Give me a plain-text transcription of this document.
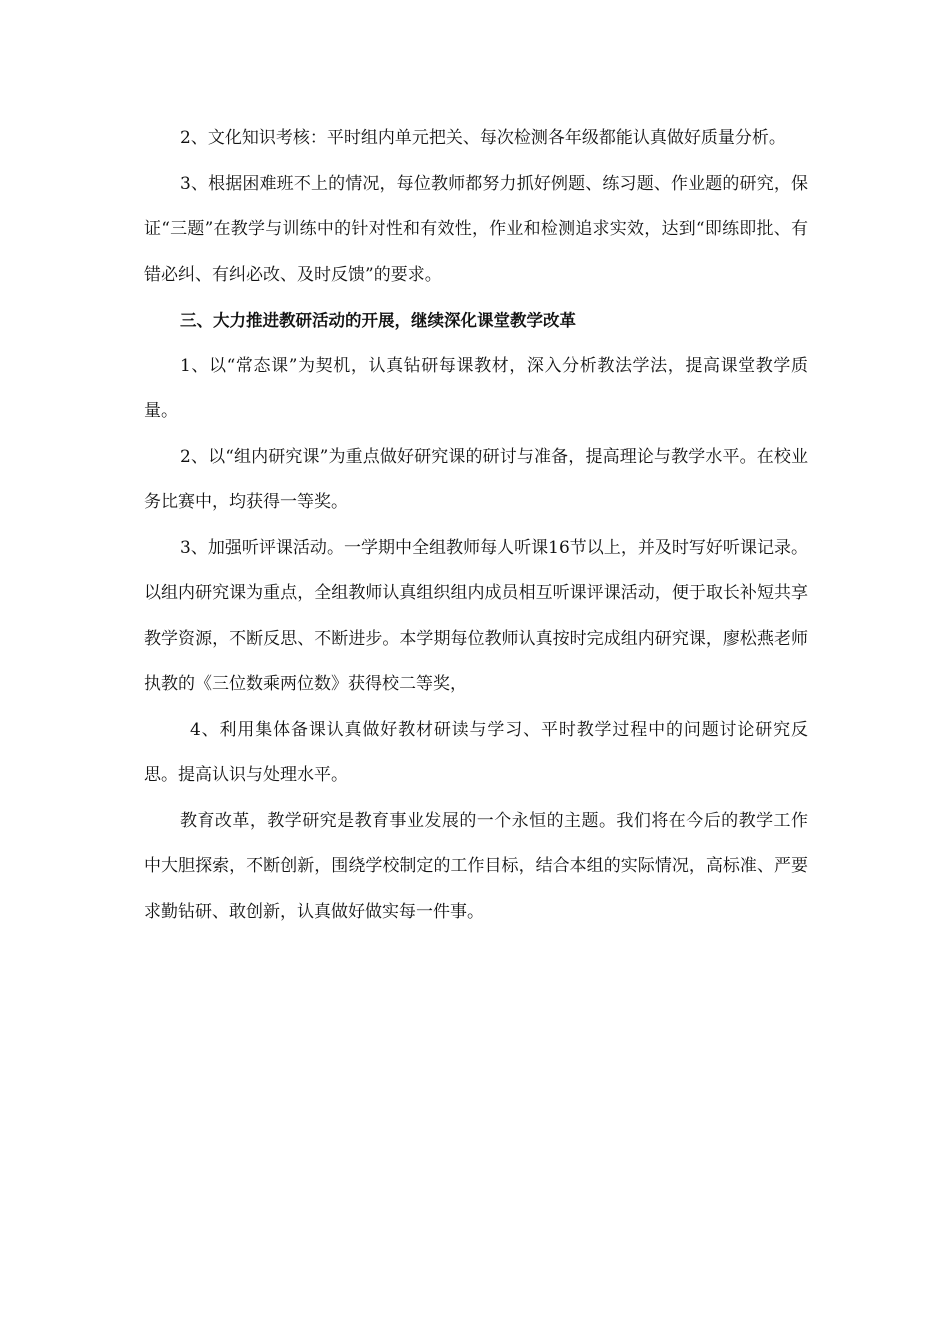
2、文化知识考核：平时组内单元把关、每次检测各年级都能认真做好质量分析。

3、根据困难班不上的情况，每位教师都努力抓好例题、练习题、作业题的研究，保证“三题”在教学与训练中的针对性和有效性，作业和检测追求实效，达到“即练即批、有错必纠、有纠必改、及时反馈”的要求。

三、大力推进教研活动的开展，继续深化课堂教学改革

1、以“常态课”为契机，认真钻研每课教材，深入分析教法学法，提高课堂教学质量。

2、以“组内研究课”为重点做好研究课的研讨与准备，提高理论与教学水平。在校业务比赛中，均获得一等奖。

3、加强听评课活动。一学期中全组教师每人听课16节以上，并及时写好听课记录。以组内研究课为重点，全组教师认真组织组内成员相互听课评课活动，便于取长补短共享教学资源，不断反思、不断进步。本学期每位教师认真按时完成组内研究课，廖松燕老师执教的《三位数乘两位数》获得校二等奖，

4、利用集体备课认真做好教材研读与学习、平时教学过程中的问题讨论研究反思。提高认识与处理水平。

教育改革，教学研究是教育事业发展的一个永恒的主题。我们将在今后的教学工作中大胆探索，不断创新，围绕学校制定的工作目标，结合本组的实际情况，高标准、严要求勤钻研、敢创新，认真做好做实每一件事。
